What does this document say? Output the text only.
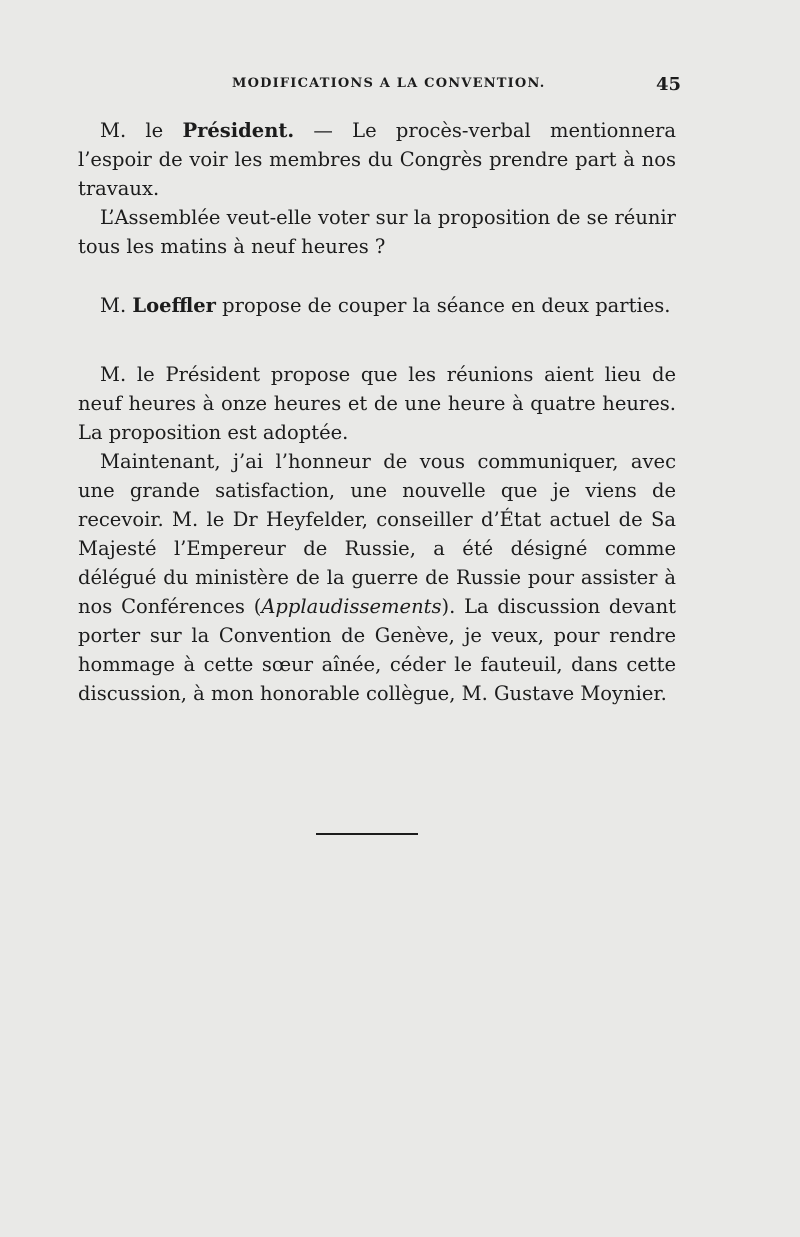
MODIFICATIONS A LA CONVENTION.	45

M. le Président. — Le procès-verbal mentionnera l’espoir de voir les membres du Congrès prendre part à nos travaux.

L’Assemblée veut-elle voter sur la proposition de se réunir tous les matins à neuf heures ?

M. Loeffler propose de couper la séance en deux parties.

M. le Président propose que les réunions aient lieu de neuf heures à onze heures et de une heure à quatre heures. La proposition est adoptée.

Maintenant, j’ai l’honneur de vous communiquer, avec une grande satisfaction, une nouvelle que je viens de recevoir. M. le Dr Heyfelder, conseiller d’État actuel de Sa Majesté l’Empereur de Russie, a été désigné comme délégué du ministère de la guerre de Russie pour assister à nos Conférences (Applaudissements). La discussion devant porter sur la Convention de Genève, je veux, pour rendre hommage à cette sœur aînée, céder le fauteuil, dans cette discussion, à mon honorable collègue, M. Gustave Moynier.
